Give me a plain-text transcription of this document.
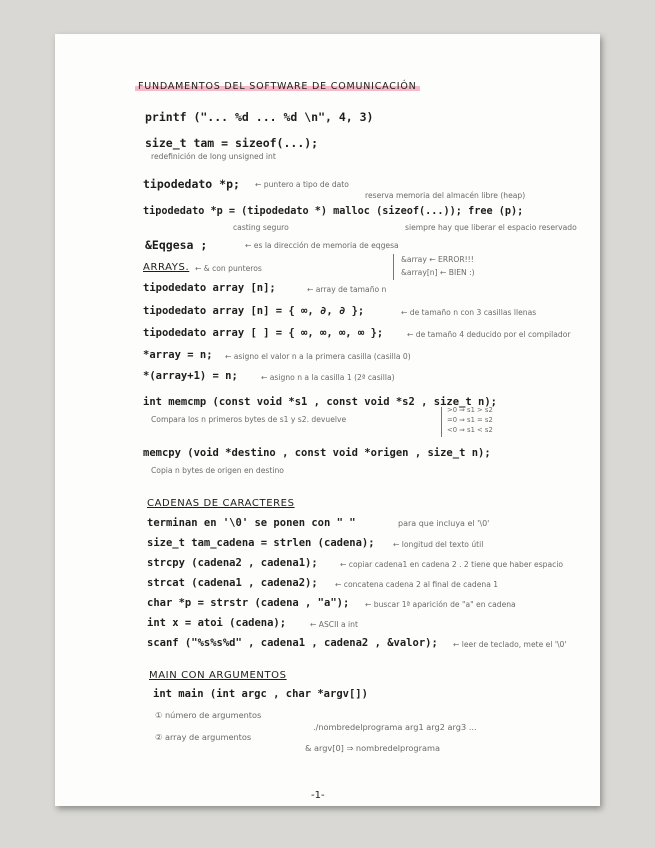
FUNDAMENTOS DEL SOFTWARE DE COMUNICACIÓN
printf ("... %d ... %d \n", 4, 3)
size_t tam = sizeof(...);
redefinición de long unsigned int
tipodedato *p; ← puntero a tipo de dato
reserva memoria del almacén libre (heap)
tipodedato *p = (tipodedato *) malloc (sizeof(...)); free (p);
casting seguro	siempre hay que liberar el espacio reservado
&Eqgesa ;	← es la dirección de memoria de eqgesa
ARRAYS. ← & con punteros
&array ← ERROR!!!
&array[n] ← BIEN :)
tipodedato array [n];	← array de tamaño n
tipodedato array [n] = { ∞, ∂, ∂ };	← de tamaño n con 3 casillas llenas
tipodedato array [ ] = { ∞, ∞, ∞, ∞ };	← de tamaño 4 deducido por el compilador
*array = n; ← asigno el valor n a la primera casilla (casilla 0)
*(array+1) = n;	← asigno n a la casilla 1 (2ª casilla)
int memcmp (const void *s1 , const void *s2 , size_t n);
Compara los n primeros bytes de s1 y s2. devuelve
>0 ⇒ s1 > s2
=0 ⇒ s1 = s2
<0 ⇒ s1 < s2
memcpy (void *destino , const void *origen , size_t n);
Copia n bytes de origen en destino
CADENAS DE CARACTERES
terminan en '\0' se ponen con " "	para que incluya el '\0'
size_t tam_cadena = strlen (cadena); ← longitud del texto útil
strcpy (cadena2 , cadena1);	← copiar cadena1 en cadena 2 . 2 tiene que haber espacio
strcat (cadena1 , cadena2); ← concatena cadena 2 al final de cadena 1
char *p = strstr (cadena , "a"); ← buscar 1ª aparición de "a" en cadena
int x = atoi (cadena);	← ASCII a int
scanf ("%s%s%d" , cadena1 , cadena2 , &valor); ← leer de teclado, mete el '\0'
MAIN CON ARGUMENTOS
int main (int argc , char *argv[])
① número de argumentos
./nombredelprograma arg1 arg2 arg3 ...
② array de argumentos
& argv[0] ⇒ nombredelprograma
-1-
